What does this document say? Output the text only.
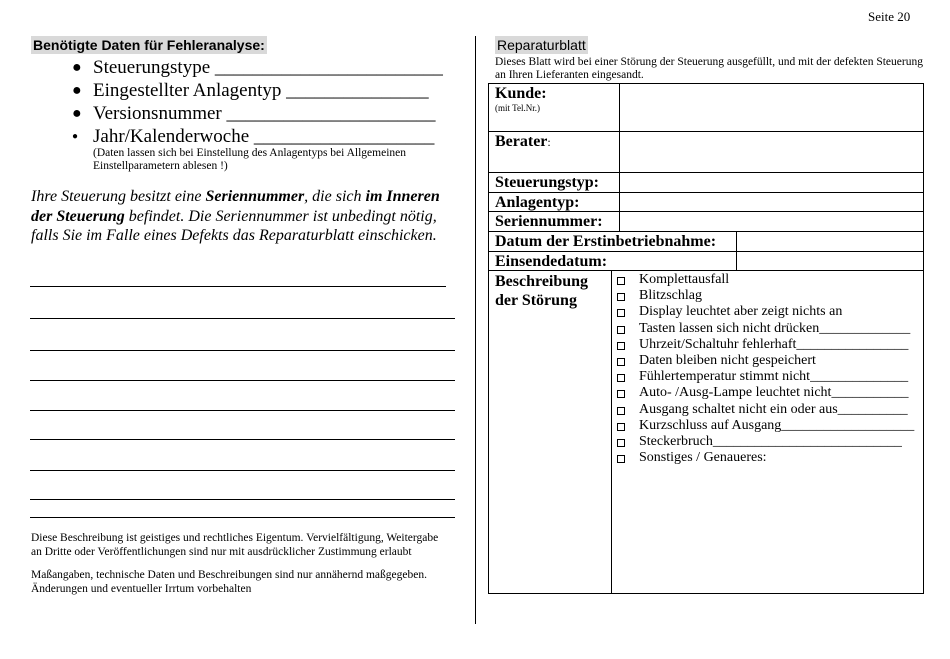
Seite 20
Benötigte Daten für Fehleranalyse:
● Steuerungstype ________________________
● Eingestellter Anlagentyp _______________
● Versionsnummer ______________________
● Jahr/Kalenderwoche ___________________
(Daten lassen sich bei Einstellung des Anlagentyps bei Allgemeinen Einstellparametern ablesen !)
Ihre Steuerung besitzt eine Seriennummer, die sich im Inneren der Steuerung befindet. Die Seriennummer ist unbedingt nötig, falls Sie im Falle eines Defekts das Reparaturblatt einschicken.

Diese Beschreibung ist geistiges und rechtliches Eigentum. Vervielfältigung, Weitergabe an Dritte oder Veröffentlichungen sind nur mit ausdrücklicher Zustimmung erlaubt

Maßangaben, technische Daten und Beschreibungen sind nur annähernd maßgegeben. Änderungen und eventueller Irrtum vorbehalten

Reparaturblatt
Dieses Blatt wird bei einer Störung der Steuerung ausgefüllt, und mit der defekten Steuerung an Ihren Lieferanten eingesandt.
Kunde:
(mit Tel.Nr.)
Berater:
Steuerungstyp:
Anlagentyp:
Seriennummer:
Datum der Erstinbetriebnahme:
Einsendedatum:
Beschreibung
der Störung
Komplettausfall
Blitzschlag
Display leuchtet aber zeigt nichts an
Tasten lassen sich nicht drücken_____________
Uhrzeit/Schaltuhr fehlerhaft________________
Daten bleiben nicht gespeichert
Fühlertemperatur stimmt nicht______________
Auto- /Ausg-Lampe leuchtet nicht___________
Ausgang schaltet nicht ein oder aus__________
Kurzschluss auf Ausgang___________________
Steckerbruch___________________________
Sonstiges / Genaueres:
